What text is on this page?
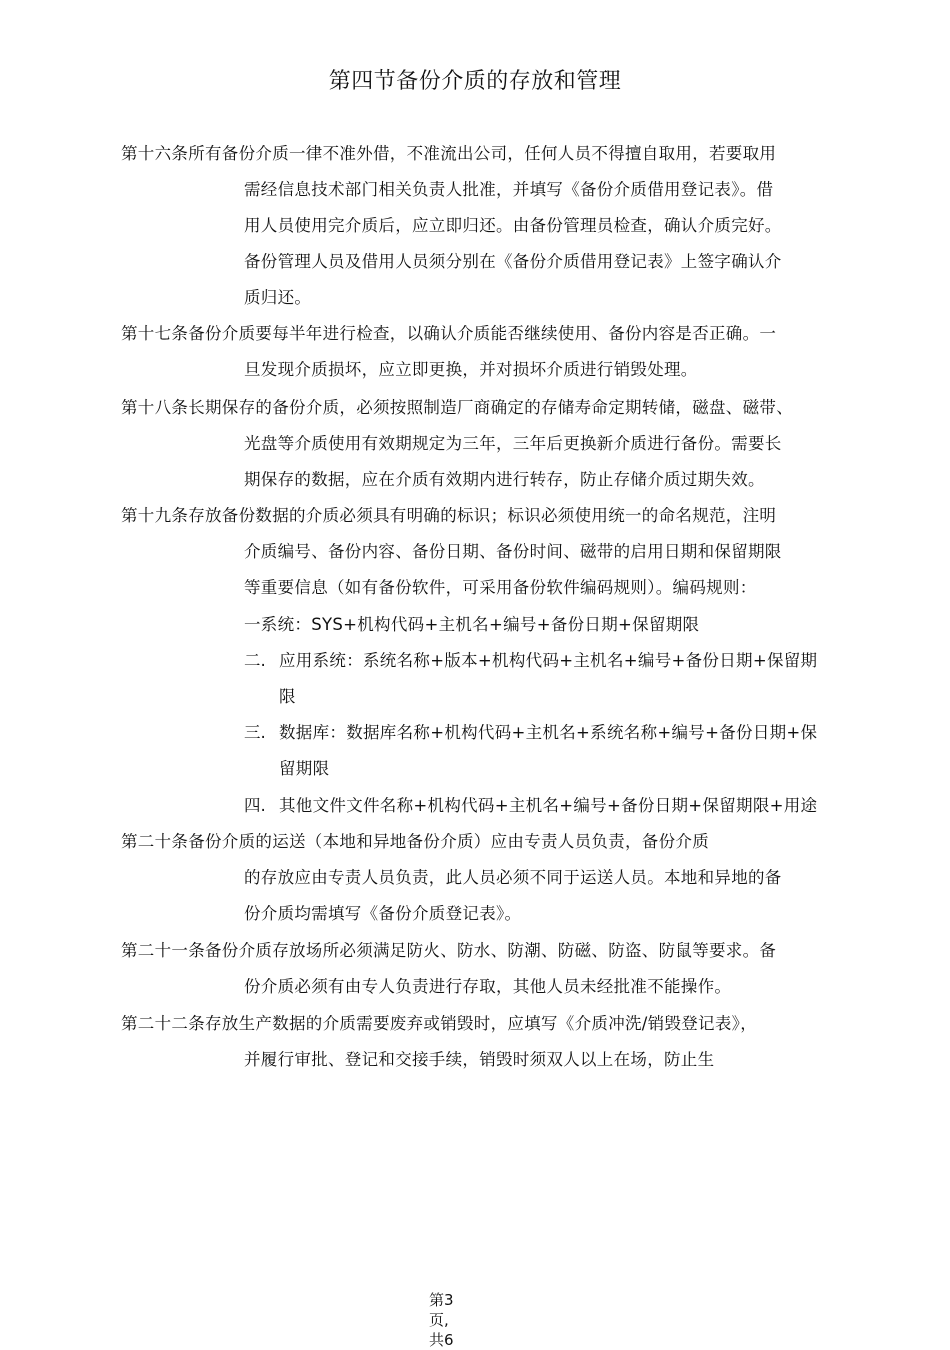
第四节备份介质的存放和管理
第十六条所有备份介质一律不准外借，不准流出公司，任何人员不得擅自取用，若要取用
需经信息技术部门相关负责人批准，并填写《备份介质借用登记表》。借
用人员使用完介质后，应立即归还。由备份管理员检查，确认介质完好。
备份管理人员及借用人员须分别在《备份介质借用登记表》上签字确认介
质归还。
第十七条备份介质要每半年进行检查，以确认介质能否继续使用、备份内容是否正确。一
旦发现介质损坏，应立即更换，并对损坏介质进行销毁处理。
第十八条长期保存的备份介质，必须按照制造厂商确定的存储寿命定期转储，磁盘、磁带、
光盘等介质使用有效期规定为三年，三年后更换新介质进行备份。需要长
期保存的数据，应在介质有效期内进行转存，防止存储介质过期失效。
第十九条存放备份数据的介质必须具有明确的标识；标识必须使用统一的命名规范，注明
介质编号、备份内容、备份日期、备份时间、磁带的启用日期和保留期限
等重要信息（如有备份软件，可采用备份软件编码规则）。编码规则：
一系统：SYS+机构代码+主机名+编号+备份日期+保留期限
二. 应用系统：系统名称+版本+机构代码+主机名+编号+备份日期+保留期
限
三. 数据库：数据库名称+机构代码+主机名+系统名称+编号+备份日期+保
留期限
四. 其他文件文件名称+机构代码+主机名+编号+备份日期+保留期限+用途
第二十条备份介质的运送（本地和异地备份介质）应由专责人员负责，备份介质
的存放应由专责人员负责，此人员必须不同于运送人员。本地和异地的备
份介质均需填写《备份介质登记表》。
第二十一条备份介质存放场所必须满足防火、防水、防潮、防磁、防盗、防鼠等要求。备
份介质必须有由专人负责进行存取，其他人员未经批准不能操作。
第二十二条存放生产数据的介质需要废弃或销毁时，应填写《介质冲洗/销毁登记表》，
并履行审批、登记和交接手续，销毁时须双人以上在场，防止生
第3
页,
共6
